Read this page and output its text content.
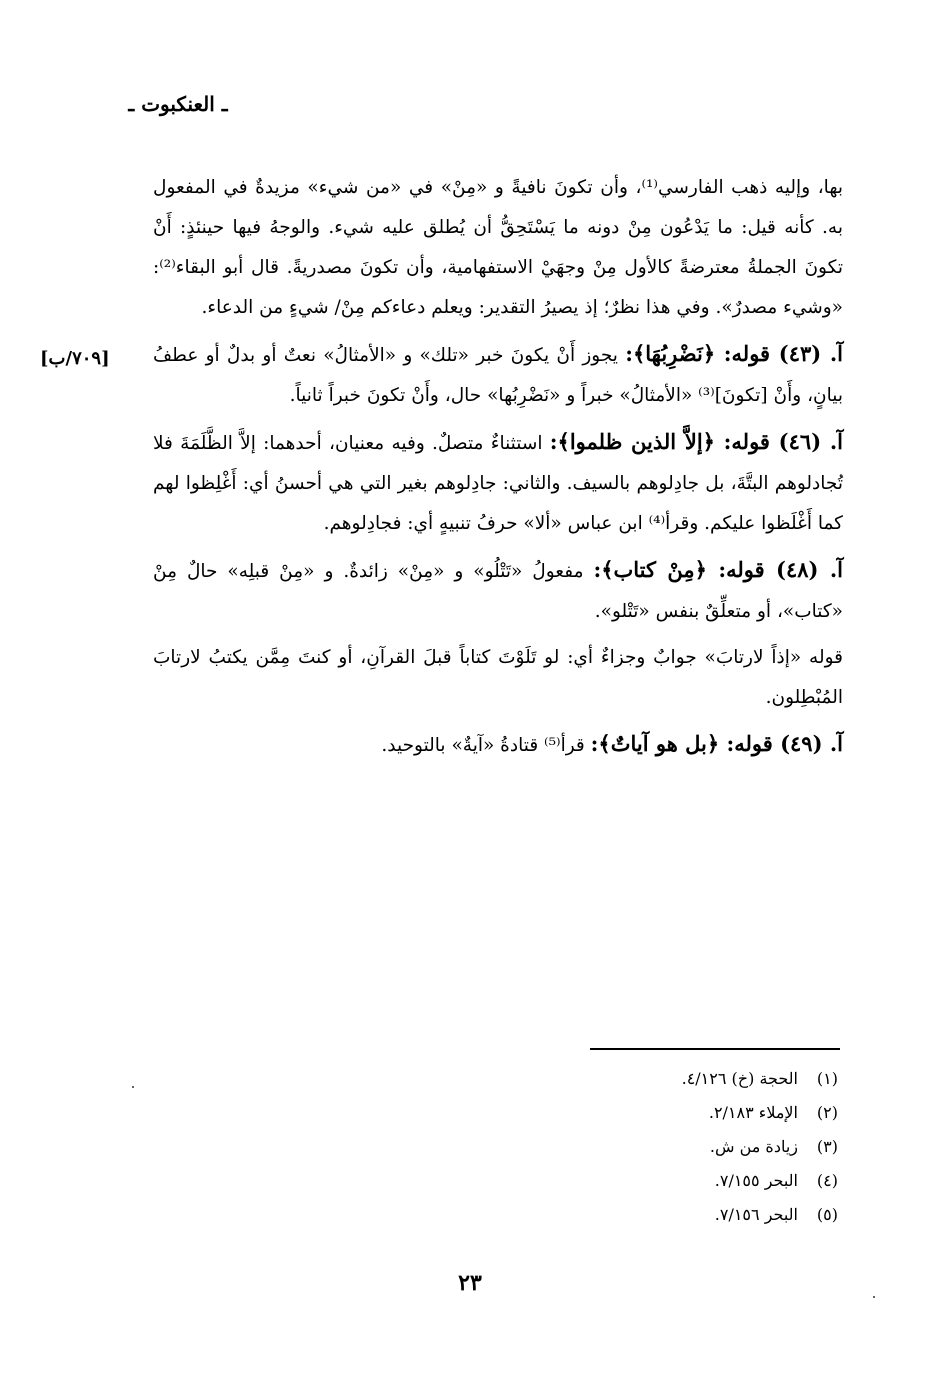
ـ العنكبوت ـ
[٧٠٩/ب]

بها، وإليه ذهب الفارسي⁽¹⁾، وأن تكونَ نافيةً و «مِنْ» في «من شيء» مزيدةٌ في المفعول به. كأنه قيل: ما يَدْعُون مِنْ دونه ما يَسْتَحِقُّ أن يُطلق عليه شيء. والوجهُ فيها حينئذٍ: أَنْ تكونَ الجملةُ معترضةً كالأول مِنْ وجهَيْ الاستفهامية، وأن تكونَ مصدريةً. قال أبو البقاء⁽²⁾: «وشيء مصدرٌ». وفي هذا نظرٌ؛ إذ يصيرُ التقدير: ويعلم دعاءكم مِنْ/ شيءٍ من الدعاء.

آ. (٤٣) قوله: ﴿نَضْرِبُهَا﴾: يجوز أَنْ يكونَ خبر «تلك» و «الأمثالُ» نعتٌ أو بدلٌ أو عطفُ بيانٍ، وأَنْ [تكونَ]⁽³⁾ «الأمثالُ» خبراً و «نَضْرِبُها» حال، وأَنْ تكونَ خبراً ثانياً.

آ. (٤٦) قوله: ﴿إلاَّ الذين ظلموا﴾: استثناءٌ متصلٌ. وفيه معنيان، أحدهما: إلاَّ الظَّلَمَةَ فلا تُجادلوهم البتَّةَ، بل جادِلوهم بالسيف. والثاني: جادِلوهم بغير التي هي أحسنُ أي: أَغْلِظوا لهم كما أَغْلَظوا عليكم. وقرأ⁽⁴⁾ ابن عباس «ألا» حرفُ تنبيهٍ أي: فجادِلوهم.

آ. (٤٨) قوله: ﴿مِنْ كتاب﴾: مفعولُ «تَتْلُو» و «مِنْ» زائدةٌ. و «مِنْ قبلِه» حالٌ مِنْ «كتاب»، أو متعلِّقٌ بنفس «تَتْلو».

قوله «إذاً لارتابَ» جوابٌ وجزاءٌ أي: لو تَلَوْتَ كتاباً قبلَ القرآنِ، أو كنتَ مِمَّن يكتبُ لارتابَ المُبْطِلون.

آ. (٤٩) قوله: ﴿بل هو آياتٌ﴾: قرأ⁽⁵⁾ قتادةُ «آيةٌ» بالتوحيد.

(١)الحجة (خ) ٤/١٢٦.
(٢)الإملاء ٢/١٨٣.
(٣)زيادة من ش.
(٤)البحر ٧/١٥٥.
(٥)البحر ٧/١٥٦.
٢٣
